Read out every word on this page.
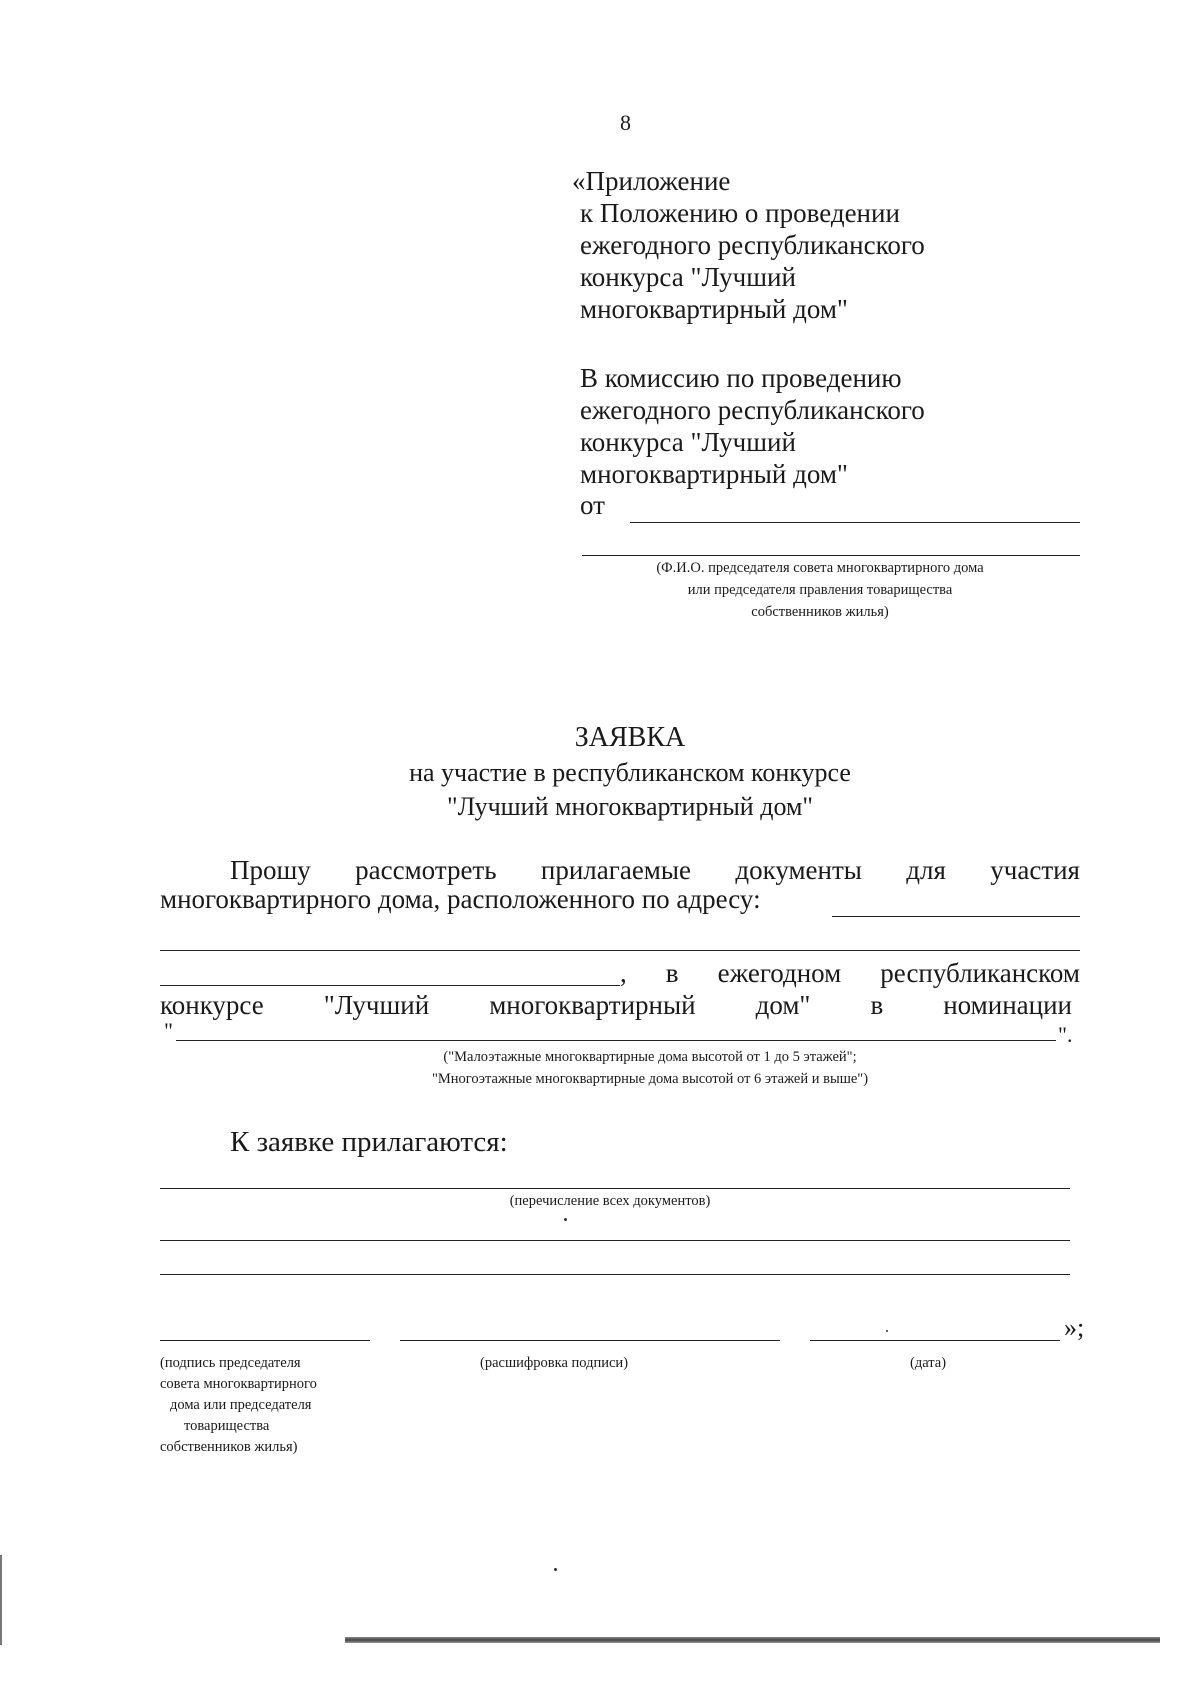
8
«Приложение
к Положению о проведении
ежегодного республиканского
конкурса "Лучший
многоквартирный дом"
В комиссию по проведению
ежегодного республиканского
конкурса "Лучший
многоквартирный дом"
от
(Ф.И.О. председателя совета многоквартирного дома
или председателя правления товарищества
собственников жилья)
ЗАЯВКА
на участие в республиканском конкурсе
"Лучший многоквартирный дом"
Прошу рассмотреть прилагаемые документы для участия
многоквартирного дома, расположенного по адресу:
, в ежегодном республиканском
конкурсе "Лучший многоквартирный дом" в номинации
"	".
("Малоэтажные многоквартирные дома высотой от 1 до 5 этажей";
"Многоэтажные многоквартирные дома высотой от 6 этажей и выше")
К заявке прилагаются:
(перечисление всех документов)
»;
(подпись председателя
совета многоквартирного
дома или председателя
товарищества
собственников жилья)
(расшифровка подписи)	(дата)
